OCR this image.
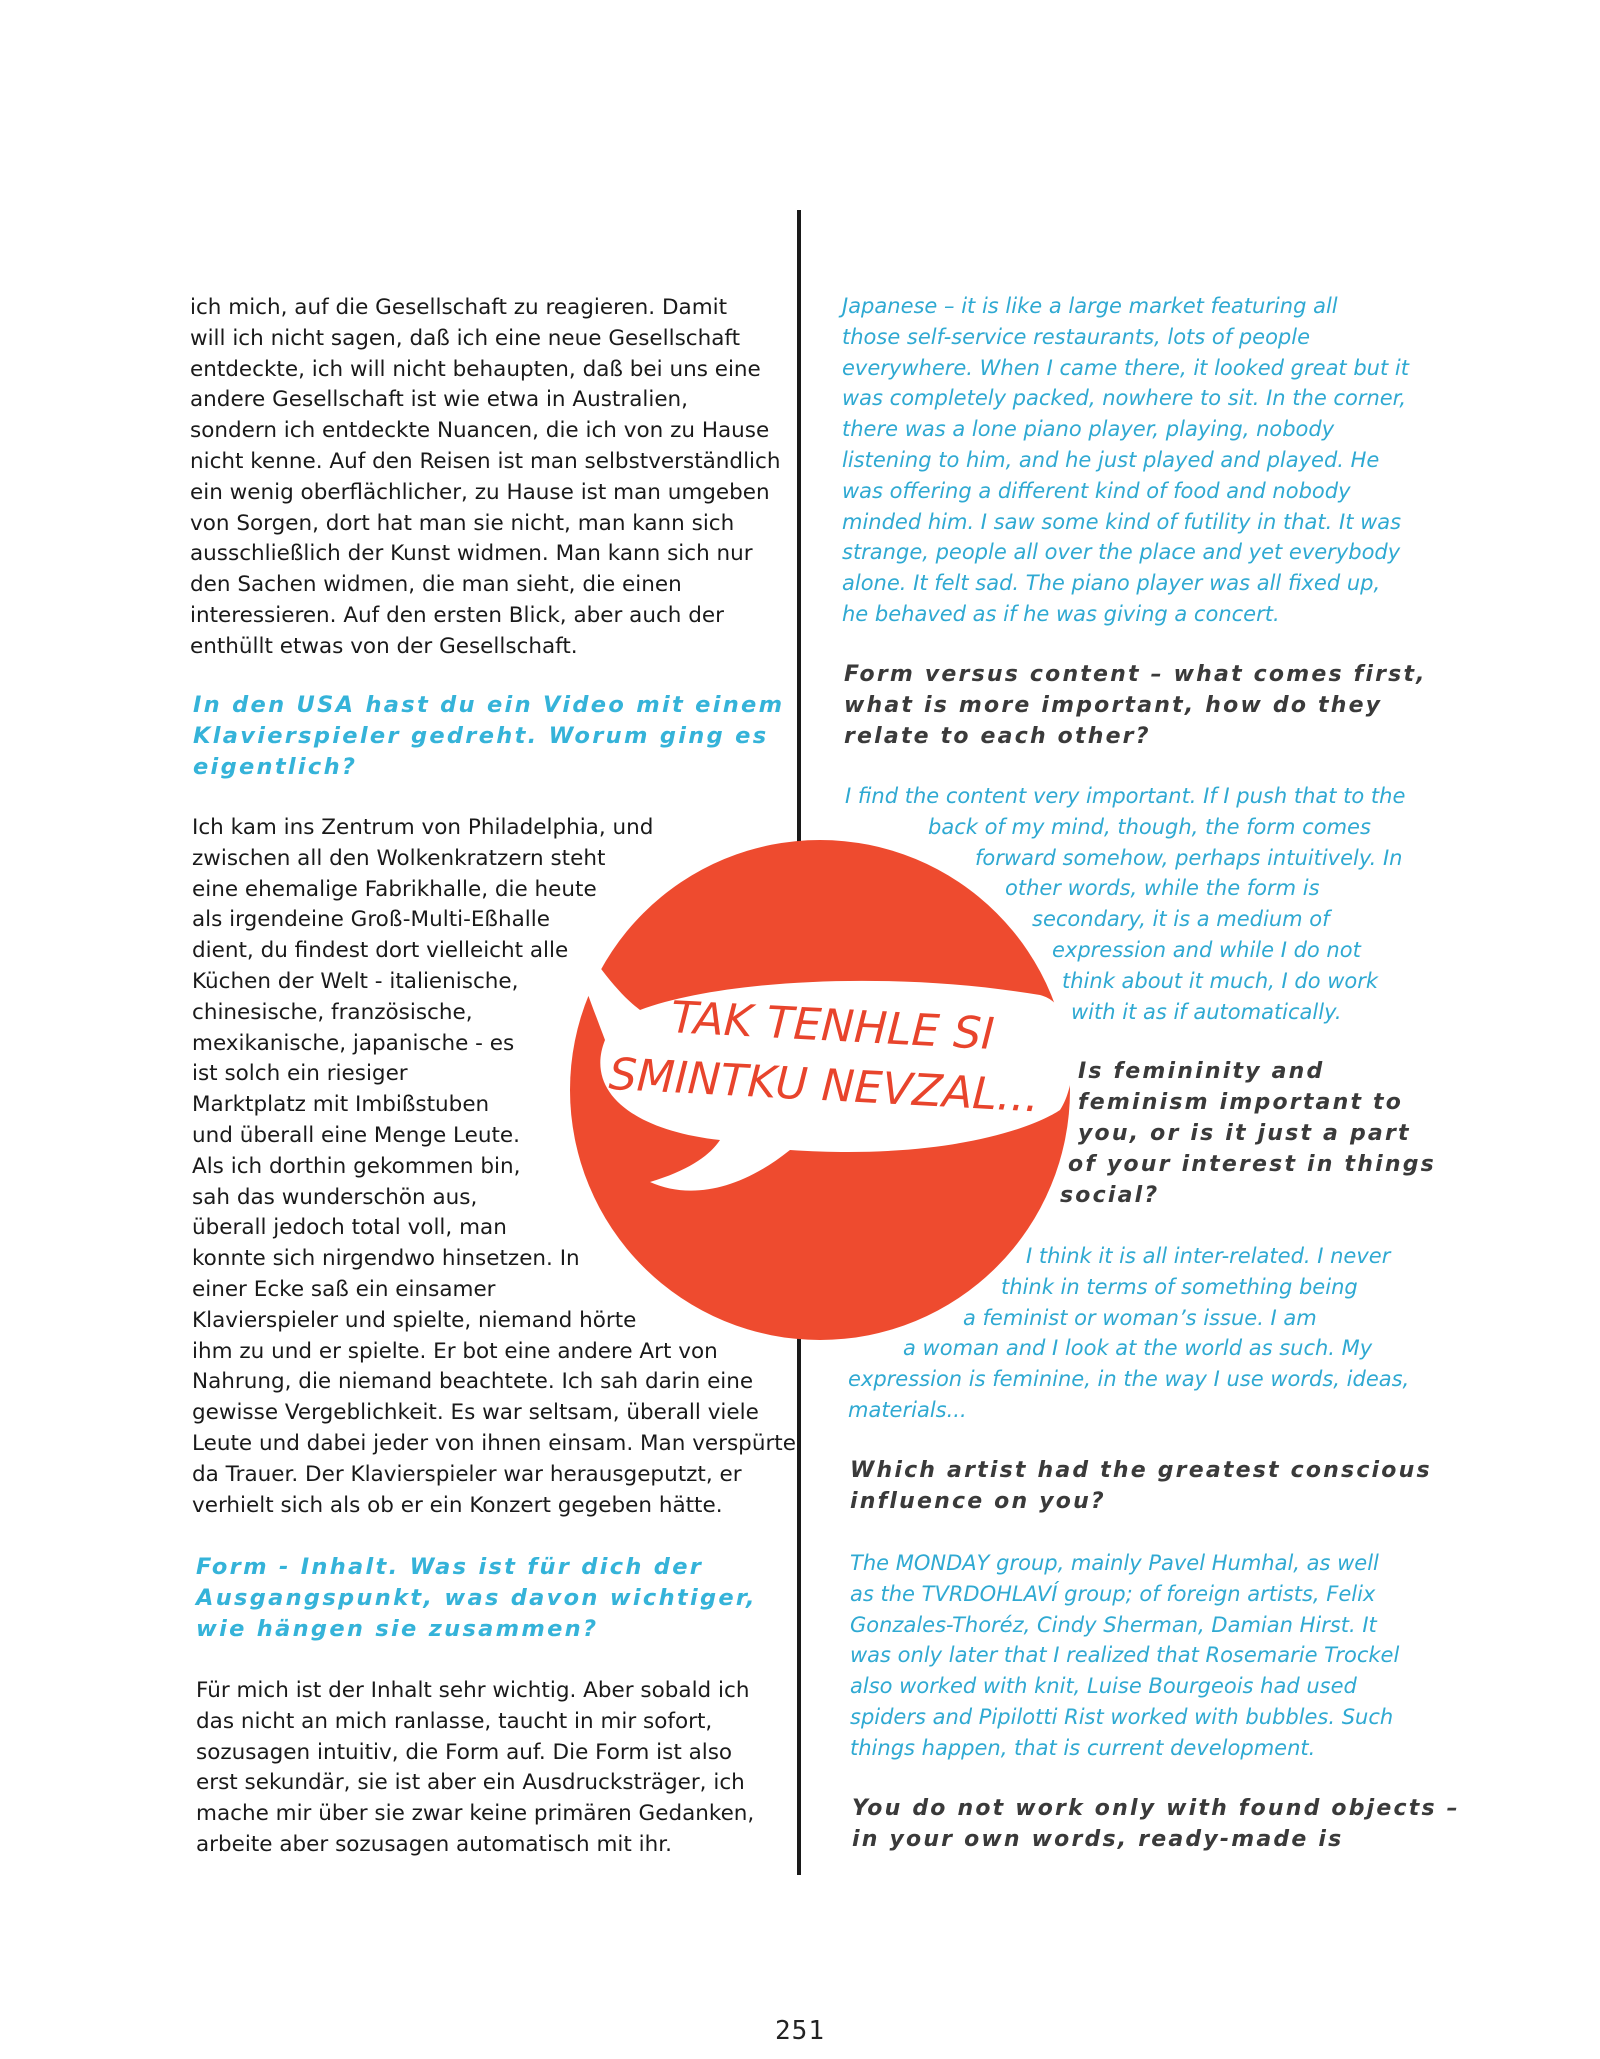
ich mich, auf die Gesellschaft zu reagieren. Damit
will ich nicht sagen, daß ich eine neue Gesellschaft
entdeckte, ich will nicht behaupten, daß bei uns eine
andere Gesellschaft ist wie etwa in Australien,
sondern ich entdeckte Nuancen, die ich von zu Hause
nicht kenne. Auf den Reisen ist man selbstverständlich
ein wenig oberflächlicher, zu Hause ist man umgeben
von Sorgen, dort hat man sie nicht, man kann sich
ausschließlich der Kunst widmen. Man kann sich nur
den Sachen widmen, die man sieht, die einen
interessieren. Auf den ersten Blick, aber auch der
enthüllt etwas von der Gesellschaft.
In den USA hast du ein Video mit einem
Klavierspieler gedreht. Worum ging es
eigentlich?
Ich kam ins Zentrum von Philadelphia, und
zwischen all den Wolkenkratzern steht
eine ehemalige Fabrikhalle, die heute
als irgendeine Groß-Multi-Eßhalle
dient, du findest dort vielleicht alle
Küchen der Welt - italienische,
chinesische, französische,
mexikanische, japanische - es
ist solch ein riesiger
Marktplatz mit Imbißstuben
und überall eine Menge Leute.
Als ich dorthin gekommen bin,
sah das wunderschön aus,
überall jedoch total voll, man
konnte sich nirgendwo hinsetzen. In
einer Ecke saß ein einsamer
Klavierspieler und spielte, niemand hörte
ihm zu und er spielte. Er bot eine andere Art von
Nahrung, die niemand beachtete. Ich sah darin eine
gewisse Vergeblichkeit. Es war seltsam, überall viele
Leute und dabei jeder von ihnen einsam. Man verspürte
da Trauer. Der Klavierspieler war herausgeputzt, er
verhielt sich als ob er ein Konzert gegeben hätte.
Form - Inhalt. Was ist für dich der
Ausgangspunkt, was davon wichtiger,
wie hängen sie zusammen?
Für mich ist der Inhalt sehr wichtig. Aber sobald ich
das nicht an mich ranlasse, taucht in mir sofort,
sozusagen intuitiv, die Form auf. Die Form ist also
erst sekundär, sie ist aber ein Ausdrucksträger, ich
mache mir über sie zwar keine primären Gedanken,
arbeite aber sozusagen automatisch mit ihr.
Japanese – it is like a large market featuring all
those self-service restaurants, lots of people
everywhere. When I came there, it looked great but it
was completely packed, nowhere to sit. In the corner,
there was a lone piano player, playing, nobody
listening to him, and he just played and played. He
was offering a different kind of food and nobody
minded him. I saw some kind of futility in that. It was
strange, people all over the place and yet everybody
alone. It felt sad. The piano player was all fixed up,
he behaved as if he was giving a concert.
Form versus content – what comes first,
what is more important, how do they
relate to each other?
I find the content very important. If I push that to the
back of my mind, though, the form comes
forward somehow, perhaps intuitively. In
other words, while the form is
secondary, it is a medium of
expression and while I do not
think about it much, I do work
with it as if automatically.
Is femininity and
feminism important to
you, or is it just a part
of your interest in things
social?
I think it is all inter-related. I never
think in terms of something being
a feminist or woman’s issue. I am
a woman and I look at the world as such. My
expression is feminine, in the way I use words, ideas,
materials...
Which artist had the greatest conscious
influence on you?
The MONDAY group, mainly Pavel Humhal, as well
as the TVRDOHLAVÍ group; of foreign artists, Felix
Gonzales-Thoréz, Cindy Sherman, Damian Hirst. It
was only later that I realized that Rosemarie Trockel
also worked with knit, Luise Bourgeois had used
spiders and Pipilotti Rist worked with bubbles. Such
things happen, that is current development.
You do not work only with found objects –
in your own words, ready-made is
TAK TENHLE SI
SMINTKU NEVZAL...
251
